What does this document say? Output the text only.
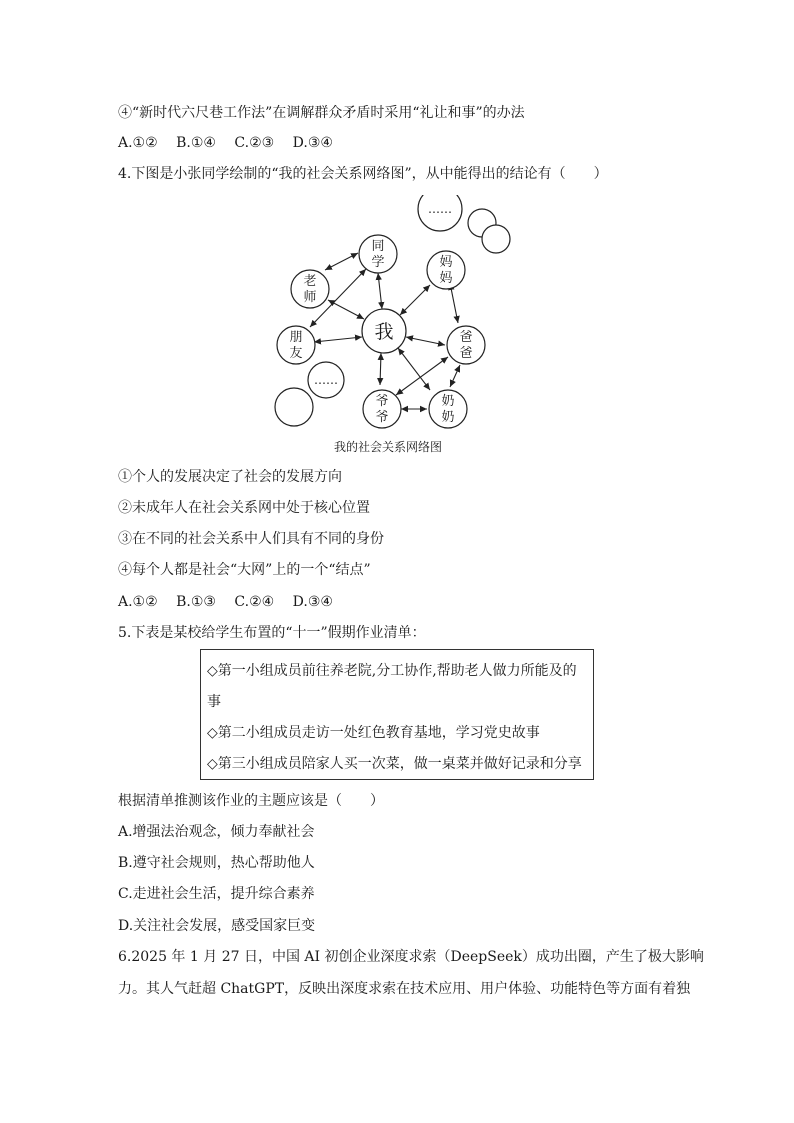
④“新时代六尺巷工作法”在调解群众矛盾时采用“礼让和事”的办法
A.①② B.①④ C.②③ D.③④
4.下图是小张同学绘制的“我的社会关系网络图”，从中能得出的结论有（　　）
我
同
学
老
师
朋
友
妈
妈
爸
爸
爷
爷
奶
奶
……
……
我的社会关系网络图
①个人的发展决定了社会的发展方向
②未成年人在社会关系网中处于核心位置
③在不同的社会关系中人们具有不同的身份
④每个人都是社会“大网”上的一个“结点”
A.①② B.①③ C.②④ D.③④
5.下表是某校给学生布置的“十一”假期作业清单：

◇第一小组成员前往养老院,分工协作,帮助老人做力所能及的

事

◇第二小组成员走访一处红色教育基地，学习党史故事

◇第三小组成员陪家人买一次菜，做一桌菜并做好记录和分享

根据清单推测该作业的主题应该是（　　）
A.增强法治观念，倾力奉献社会
B.遵守社会规则，热心帮助他人
C.走进社会生活，提升综合素养
D.关注社会发展，感受国家巨变
6.2025 年 1 月 27 日，中国 AI 初创企业深度求索（DeepSeek）成功出圈，产生了极大影响
力。其人气赶超 ChatGPT，反映出深度求索在技术应用、用户体验、功能特色等方面有着独
